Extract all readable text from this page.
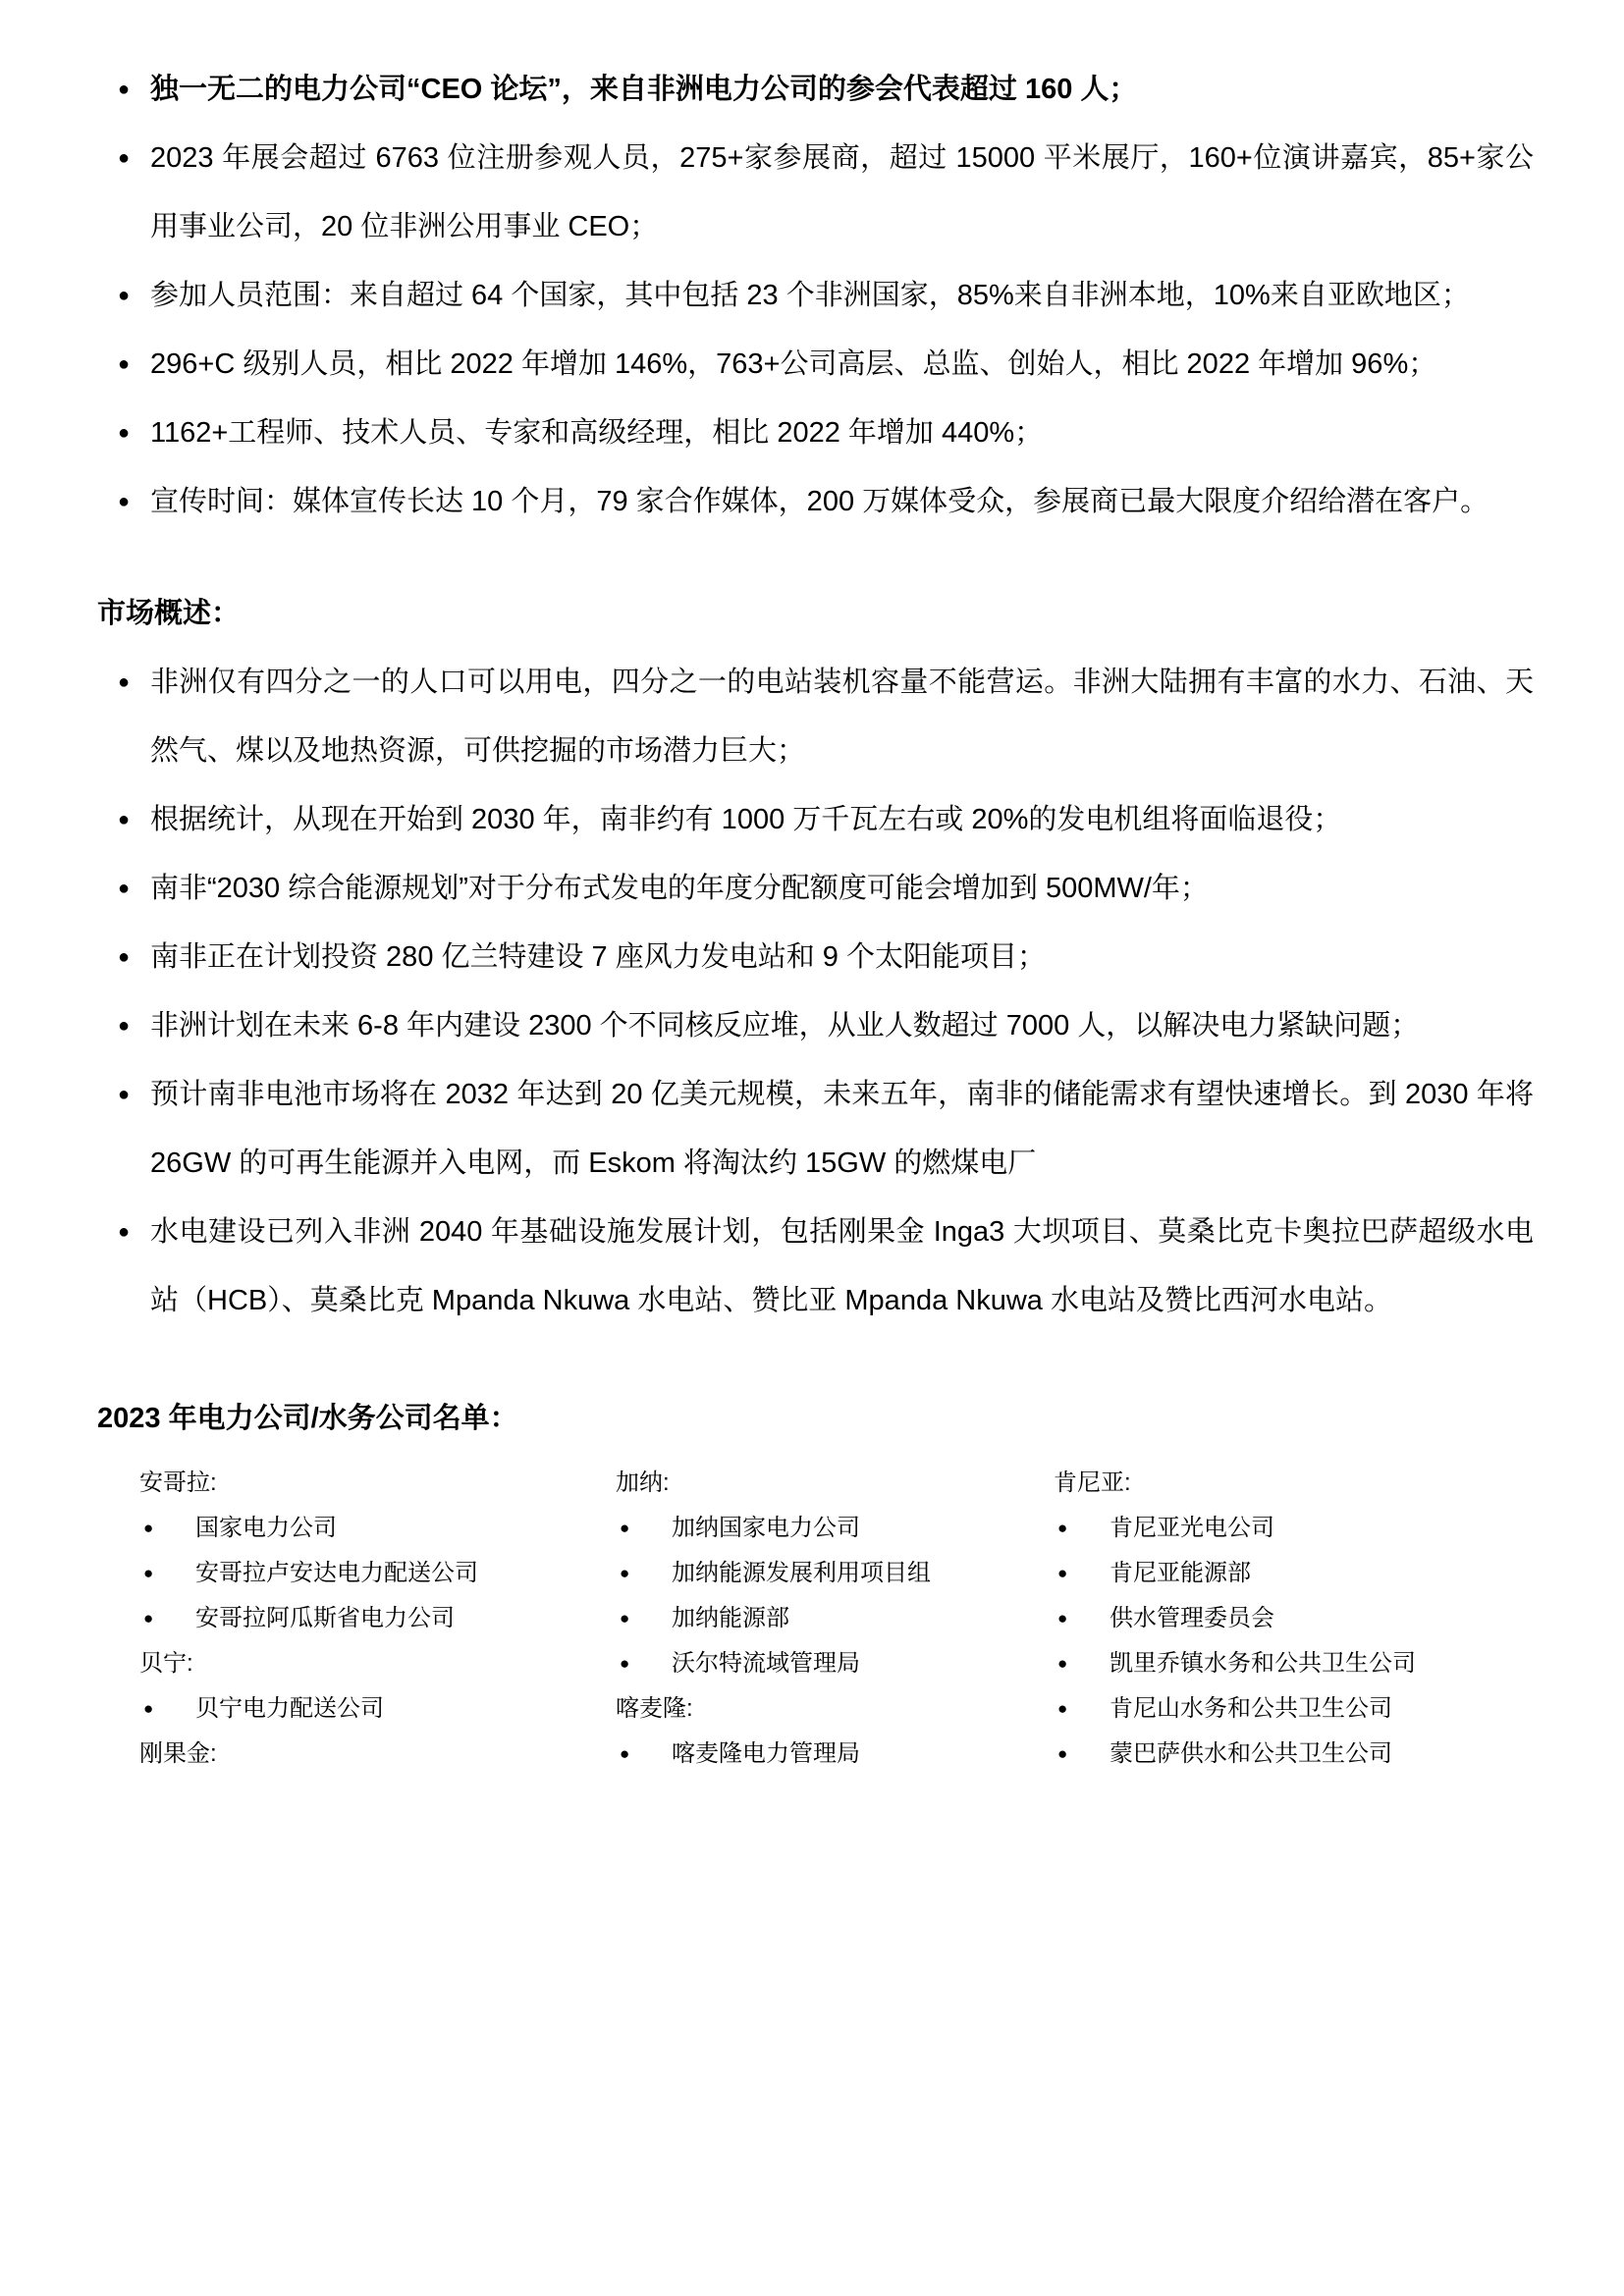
● 独一无二的电力公司“CEO 论坛”，来自非洲电力公司的参会代表超过 160 人；
● 2023 年展会超过 6763 位注册参观人员，275+家参展商，超过 15000 平米展厅，160+位演讲嘉宾，85+家公用事业公司，20 位非洲公用事业 CEO；
● 参加人员范围：来自超过 64 个国家，其中包括 23 个非洲国家，85%来自非洲本地，10%来自亚欧地区；
● 296+C 级别人员，相比 2022 年增加 146%，763+公司高层、总监、创始人，相比 2022 年增加 96%；
● 1162+工程师、技术人员、专家和高级经理，相比 2022 年增加 440%；
● 宣传时间：媒体宣传长达 10 个月，79 家合作媒体，200 万媒体受众，参展商已最大限度介绍给潜在客户。
市场概述：
● 非洲仅有四分之一的人口可以用电，四分之一的电站装机容量不能营运。非洲大陆拥有丰富的水力、石油、天然气、煤以及地热资源，可供挖掘的市场潜力巨大；
● 根据统计，从现在开始到 2030 年，南非约有 1000 万千瓦左右或 20%的发电机组将面临退役；
● 南非“2030 综合能源规划”对于分布式发电的年度分配额度可能会增加到 500MW/年；
● 南非正在计划投资 280 亿兰特建设 7 座风力发电站和 9 个太阳能项目；
● 非洲计划在未来 6-8 年内建设 2300 个不同核反应堆，从业人数超过 7000 人，以解决电力紧缺问题；
● 预计南非电池市场将在 2032 年达到 20 亿美元规模，未来五年，南非的储能需求有望快速增长。到 2030 年将 26GW 的可再生能源并入电网，而 Eskom 将淘汰约 15GW 的燃煤电厂
● 水电建设已列入非洲 2040 年基础设施发展计划，包括刚果金 Inga3 大坝项目、莫桑比克卡奥拉巴萨超级水电站（HCB）、莫桑比克 Mpanda Nkuwa 水电站、赞比亚 Mpanda Nkuwa 水电站及赞比西河水电站。
2023 年电力公司/水务公司名单：
安哥拉:
● 国家电力公司
● 安哥拉卢安达电力配送公司
● 安哥拉阿瓜斯省电力公司
贝宁:
● 贝宁电力配送公司
刚果金:
加纳:
● 加纳国家电力公司
● 加纳能源发展利用项目组
● 加纳能源部
● 沃尔特流域管理局
喀麦隆:
● 喀麦隆电力管理局
肯尼亚:
● 肯尼亚光电公司
● 肯尼亚能源部
● 供水管理委员会
● 凯里乔镇水务和公共卫生公司
● 肯尼山水务和公共卫生公司
● 蒙巴萨供水和公共卫生公司
